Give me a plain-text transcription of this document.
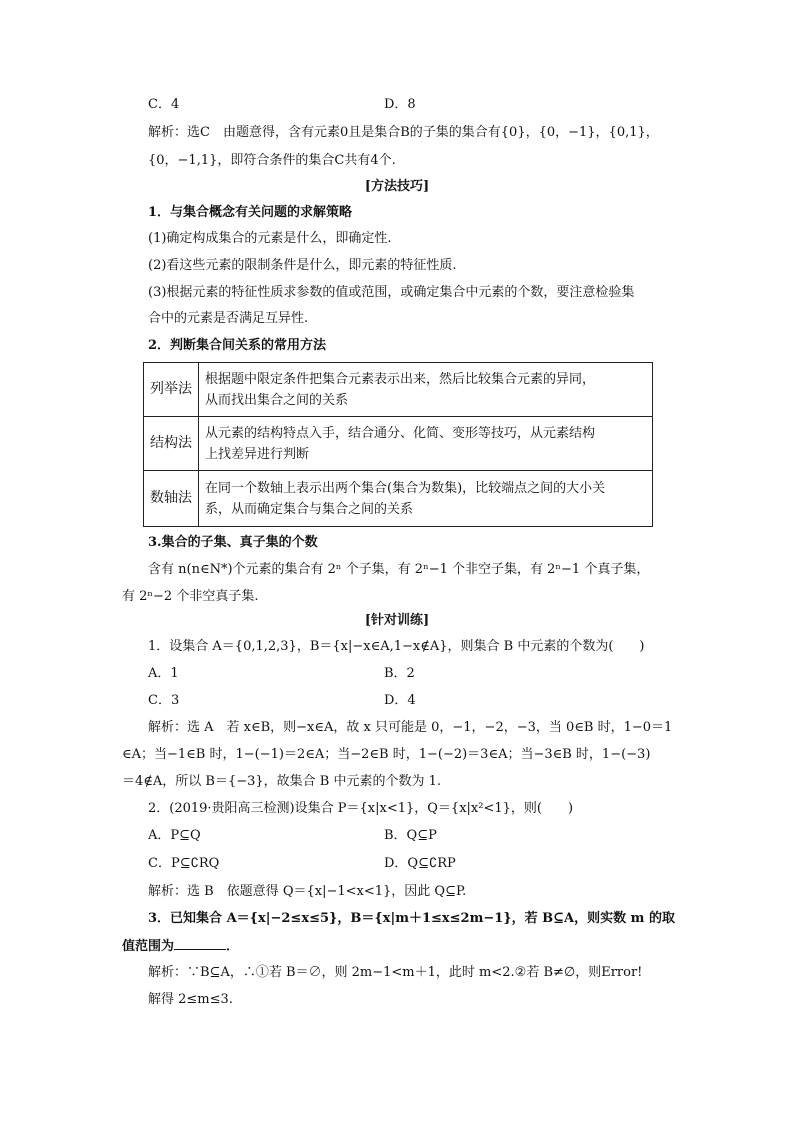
C．4	D．8
解析：选C　由题意得，含有元素0且是集合B的子集的集合有{0}，{0，−1}，{0,1}，
{0，−1,1}，即符合条件的集合C共有4个.
[方法技巧]
1．与集合概念有关问题的求解策略
(1)确定构成集合的元素是什么，即确定性.
(2)看这些元素的限制条件是什么，即元素的特征性质.
(3)根据元素的特征性质求参数的值或范围，或确定集合中元素的个数，要注意检验集
合中的元素是否满足互异性.
2．判断集合间关系的常用方法
列举法	根据题中限定条件把集合元素表示出来，然后比较集合元素的异同，
从而找出集合之间的关系

结构法	从元素的结构特点入手，结合通分、化简、变形等技巧，从元素结构
上找差异进行判断

数轴法	在同一个数轴上表示出两个集合(集合为数集)，比较端点之间的大小关
系，从而确定集合与集合之间的关系
3.集合的子集、真子集的个数
含有 n(n∈N*)个元素的集合有 2ⁿ 个子集，有 2ⁿ−1 个非空子集，有 2ⁿ−1 个真子集，
有 2ⁿ−2 个非空真子集.
[针对训练]
1．设集合 A＝{0,1,2,3}，B＝{x|−x∈A,1−x∉A}，则集合 B 中元素的个数为(　　)
A．1	B．2
C．3	D．4
解析：选 A　若 x∈B，则−x∈A，故 x 只可能是 0，−1，−2，−3，当 0∈B 时，1−0＝1
∈A；当−1∈B 时，1−(−1)＝2∈A；当−2∈B 时，1−(−2)＝3∈A；当−3∈B 时，1−(−3)
＝4∉A，所以 B＝{−3}，故集合 B 中元素的个数为 1.
2．(2019·贵阳高三检测)设集合 P＝{x|x<1}，Q＝{x|x²<1}，则(　　)
A．P⊆Q	B．Q⊆P
C．P⊆∁RQ	D．Q⊆∁RP
解析：选 B　依题意得 Q＝{x|−1<x<1}，因此 Q⊆P.
3．已知集合 A＝{x|−2≤x≤5}，B＝{x|m＋1≤x≤2m−1}，若 B⊆A，则实数 m 的取
值范围为	．
解析：∵B⊆A，∴①若 B＝∅，则 2m−1<m＋1，此时 m<2.②若 B≠∅，则Error!
解得 2≤m≤3.
